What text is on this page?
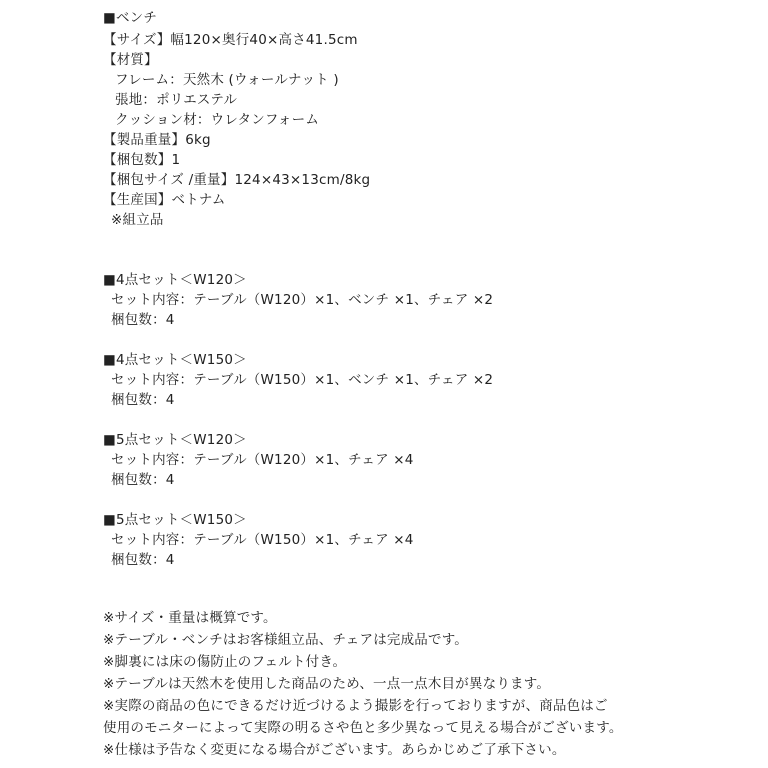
■ベンチ
【サイズ】幅120×奥行40×高さ41.5cm
【材質】
フレーム：天然木 (ウォールナット )
張地：ポリエステル
クッション材：ウレタンフォーム
【製品重量】6kg
【梱包数】1
【梱包サイズ /重量】124×43×13cm/8kg
【生産国】ベトナム
※組立品
■4点セット＜W120＞
セット内容：テーブル（W120）×1、ベンチ ×1、チェア ×2
梱包数：4
■4点セット＜W150＞
セット内容：テーブル（W150）×1、ベンチ ×1、チェア ×2
梱包数：4
■5点セット＜W120＞
セット内容：テーブル（W120）×1、チェア ×4
梱包数：4
■5点セット＜W150＞
セット内容：テーブル（W150）×1、チェア ×4
梱包数：4
※サイズ・重量は概算です。
※テーブル・ベンチはお客様組立品、チェアは完成品です。
※脚裏には床の傷防止のフェルト付き。
※テーブルは天然木を使用した商品のため、一点一点木目が異なります。
※実際の商品の色にできるだけ近づけるよう撮影を行っておりますが、商品色はご
使用のモニターによって実際の明るさや色と多少異なって見える場合がございます。
※仕様は予告なく変更になる場合がございます。あらかじめご了承下さい。
